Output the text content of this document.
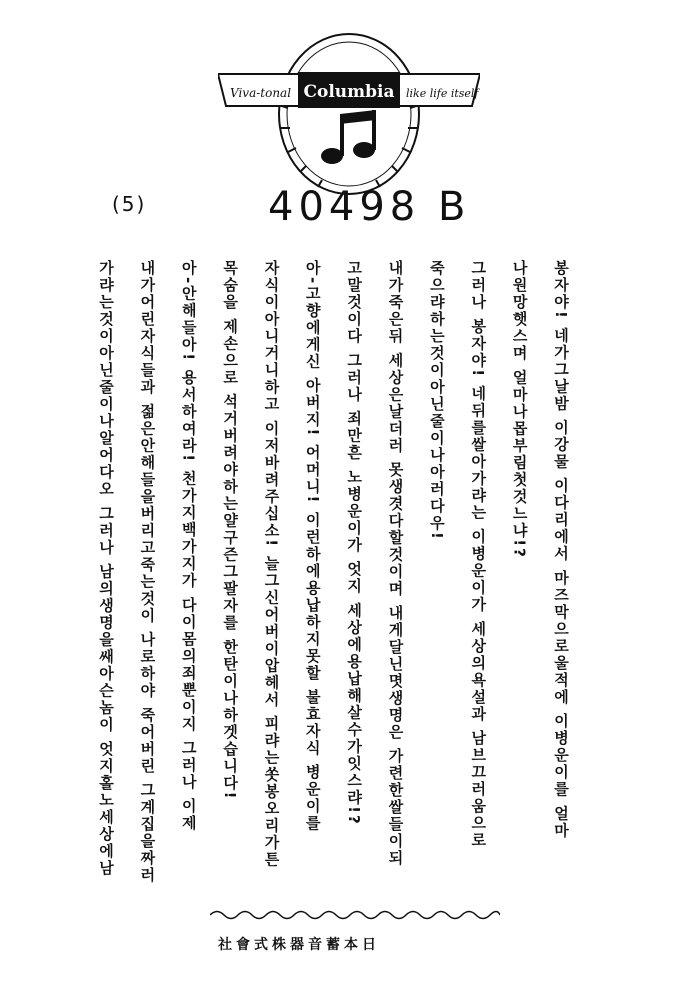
Viva-tonal Columbia like life itself
(5)	40498 B
봉자야! 네가그날밤 이강물 이다리에서 마즈막으로울적에 이병운이를 얼마
나원망햇스며 얼마나몹부림첫것느냐!?
그러나 봉자야! 네뒤를쌀아가랴는 이병운이가 세상의욕설과 남브끄러움으로
죽으랴하는것이아닌줄이나아러다우!
내가죽은뒤 세상은날더러 못생겻다할것이며 내게달닌몃생명은 가련한쌀들이되
고말것이다 그러나 죄만흔 노병운이가 엇지 세상에용납해살수가잇스랴!?
아-고향에게신 아버지! 어머니! 이런하에용납하지못할 불효자식 병운이를
자식이아니거니하고 이저바려주십소! 늘그신어버이압헤서 피랴는쏫봉오리가튼
목숨을 제손으로 석거버려야하는얄구즌그팔자를 한탄이나하겟습니다!
아-안해들아! 용서하여라! 천가지백가지가 다이몸의죄뿐이지 그러나 이제
내가어린자식들과 젊은안해들을버리고죽는것이 나로하야 죽어버린 그계집을짜러
가랴는것이아닌줄이나알어다오 그러나 남의생명을쌔아슨놈이 엇지홀노세상에남
日本蓄音器株式會社
